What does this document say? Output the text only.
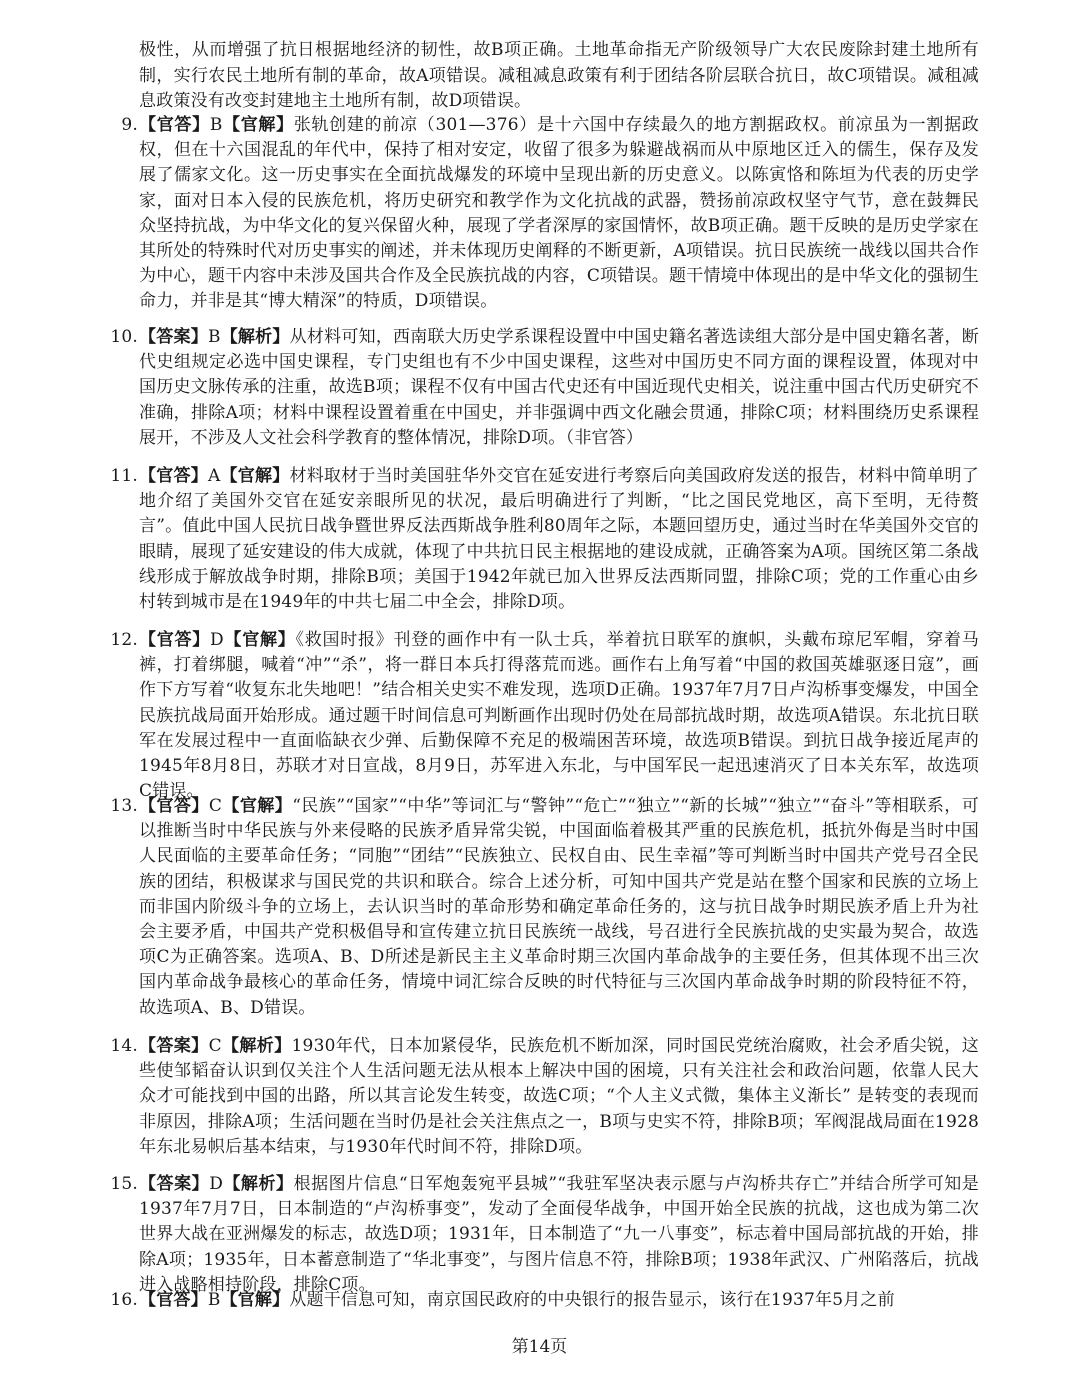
极性，从而增强了抗日根据地经济的韧性，故B项正确。土地革命指无产阶级领导广大农民废除封建土地所有制，实行农民土地所有制的革命，故A项错误。减租减息政策有利于团结各阶层联合抗日，故C项错误。减租减息政策没有改变封建地主土地所有制，故D项错误。
9. 【官答】B【官解】张轨创建的前凉（301—376）是十六国中存续最久的地方割据政权。前凉虽为一割据政权，但在十六国混乱的年代中，保持了相对安定，收留了很多为躲避战祸而从中原地区迁入的儒生，保存及发展了儒家文化。这一历史事实在全面抗战爆发的环境中呈现出新的历史意义。以陈寅恪和陈垣为代表的历史学家，面对日本入侵的民族危机，将历史研究和教学作为文化抗战的武器，赞扬前凉政权坚守气节，意在鼓舞民众坚持抗战，为中华文化的复兴保留火种，展现了学者深厚的家国情怀，故B项正确。题干反映的是历史学家在其所处的特殊时代对历史事实的阐述，并未体现历史阐释的不断更新，A项错误。抗日民族统一战线以国共合作为中心，题干内容中未涉及国共合作及全民族抗战的内容，C项错误。题干情境中体现出的是中华文化的强韧生命力，并非是其“博大精深”的特质，D项错误。
10. 【答案】B【解析】从材料可知，西南联大历史学系课程设置中中国史籍名著选读组大部分是中国史籍名著，断代史组规定必选中国史课程，专门史组也有不少中国史课程，这些对中国历史不同方面的课程设置，体现对中国历史文脉传承的注重，故选B项；课程不仅有中国古代史还有中国近现代史相关，说注重中国古代历史研究不准确，排除A项；材料中课程设置着重在中国史，并非强调中西文化融会贯通，排除C项；材料围绕历史系课程展开，不涉及人文社会科学教育的整体情况，排除D项。（非官答）
11. 【官答】A【官解】材料取材于当时美国驻华外交官在延安进行考察后向美国政府发送的报告，材料中简单明了地介绍了美国外交官在延安亲眼所见的状况，最后明确进行了判断，“比之国民党地区，高下至明，无待赘言”。值此中国人民抗日战争暨世界反法西斯战争胜利80周年之际，本题回望历史，通过当时在华美国外交官的眼睛，展现了延安建设的伟大成就，体现了中共抗日民主根据地的建设成就，正确答案为A项。国统区第二条战线形成于解放战争时期，排除B项；美国于1942年就已加入世界反法西斯同盟，排除C项；党的工作重心由乡村转到城市是在1949年的中共七届二中全会，排除D项。
12. 【官答】D【官解】《救国时报》刊登的画作中有一队士兵，举着抗日联军的旗帜，头戴布琼尼军帽，穿着马裤，打着绑腿，喊着“冲”“杀”，将一群日本兵打得落荒而逃。画作右上角写着“中国的救国英雄驱逐日寇”，画作下方写着“收复东北失地吧！”结合相关史实不难发现，选项D正确。1937年7月7日卢沟桥事变爆发，中国全民族抗战局面开始形成。通过题干时间信息可判断画作出现时仍处在局部抗战时期，故选项A错误。东北抗日联军在发展过程中一直面临缺衣少弹、后勤保障不充足的极端困苦环境，故选项B错误。到抗日战争接近尾声的1945年8月8日，苏联才对日宣战，8月9日，苏军进入东北，与中国军民一起迅速消灭了日本关东军，故选项C错误。
13. 【官答】C【官解】“民族”“国家”“中华”等词汇与“警钟”“危亡”“独立”“新的长城”“独立”“奋斗”等相联系，可以推断当时中华民族与外来侵略的民族矛盾异常尖锐，中国面临着极其严重的民族危机，抵抗外侮是当时中国人民面临的主要革命任务；“同胞”“团结”“民族独立、民权自由、民生幸福”等可判断当时中国共产党号召全民族的团结，积极谋求与国民党的共识和联合。综合上述分析，可知中国共产党是站在整个国家和民族的立场上而非国内阶级斗争的立场上，去认识当时的革命形势和确定革命任务的，这与抗日战争时期民族矛盾上升为社会主要矛盾，中国共产党积极倡导和宣传建立抗日民族统一战线，号召进行全民族抗战的史实最为契合，故选项C为正确答案。选项A、B、D所述是新民主主义革命时期三次国内革命战争的主要任务，但其体现不出三次国内革命战争最核心的革命任务，情境中词汇综合反映的时代特征与三次国内革命战争时期的阶段特征不符，故选项A、B、D错误。
14. 【答案】C【解析】1930年代，日本加紧侵华，民族危机不断加深，同时国民党统治腐败，社会矛盾尖锐，这些使邹韬奋认识到仅关注个人生活问题无法从根本上解决中国的困境，只有关注社会和政治问题，依靠人民大众才可能找到中国的出路，所以其言论发生转变，故选C项；“个人主义式微，集体主义渐长” 是转变的表现而非原因，排除A项；生活问题在当时仍是社会关注焦点之一，B项与史实不符，排除B项；军阀混战局面在1928年东北易帜后基本结束，与1930年代时间不符，排除D项。
15. 【答案】D【解析】根据图片信息“日军炮轰宛平县城”“我驻军坚决表示愿与卢沟桥共存亡”并结合所学可知是1937年7月7日，日本制造的“卢沟桥事变”，发动了全面侵华战争，中国开始全民族的抗战，这也成为第二次世界大战在亚洲爆发的标志，故选D项；1931年，日本制造了“九一八事变”，标志着中国局部抗战的开始，排除A项；1935年，日本蓄意制造了“华北事变”，与图片信息不符，排除B项；1938年武汉、广州陷落后，抗战进入战略相持阶段，排除C项。
16. 【官答】B【官解】从题干信息可知，南京国民政府的中央银行的报告显示，该行在1937年5月之前
第14页
